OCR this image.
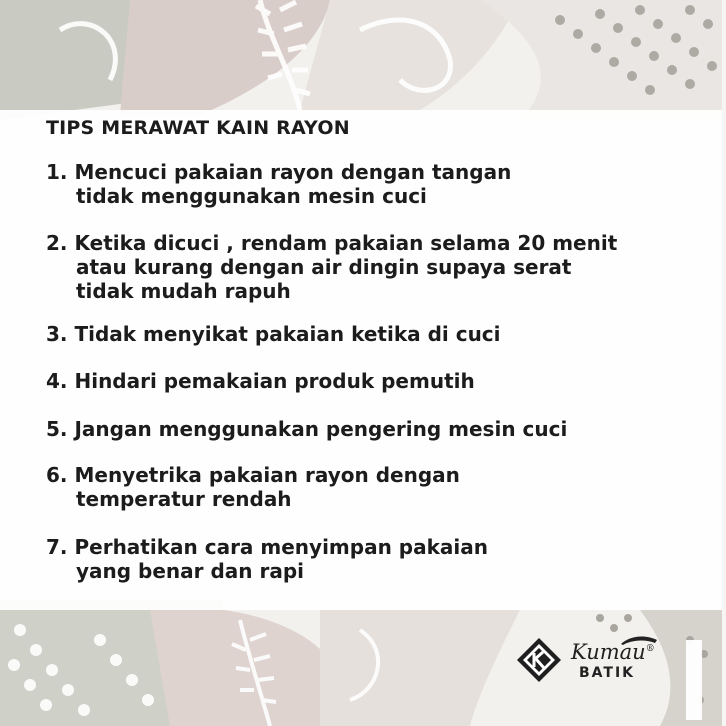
TIPS MERAWAT KAIN RAYON
1. Mencuci pakaian rayon dengan tangan
tidak menggunakan mesin cuci
2. Ketika dicuci , rendam pakaian selama 20 menit
atau kurang dengan air dingin supaya serat
tidak mudah rapuh
3. Tidak menyikat pakaian ketika di cuci
4. Hindari pemakaian produk pemutih
5. Jangan menggunakan pengering mesin cuci
6. Menyetrika pakaian rayon dengan
temperatur rendah
7. Perhatikan cara menyimpan pakaian
yang benar dan rapi
Kumau®
BATIK
